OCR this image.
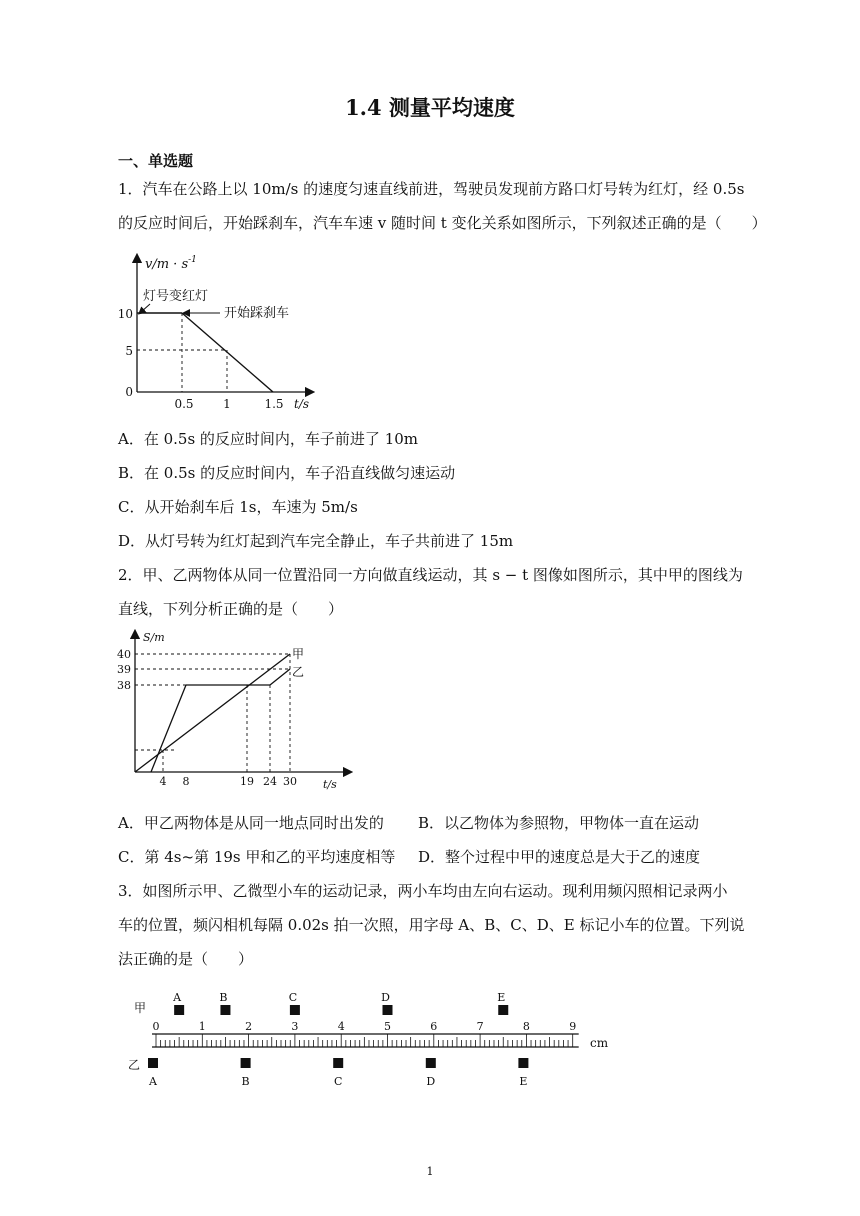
1.4 测量平均速度
一、单选题
1．汽车在公路上以 10m/s 的速度匀速直线前进，驾驶员发现前方路口灯号转为红灯，经 0.5s
的反应时间后，开始踩刹车，汽车车速 v 随时间 t 变化关系如图所示，下列叙述正确的是（　　）
$v/m \cdot s^{-1}$
灯号变红灯
开始踩刹车
10
5
0
0.5 1	1.5 t/s
A．在 0.5s 的反应时间内，车子前进了 10m
B．在 0.5s 的反应时间内，车子沿直线做匀速运动
C．从开始刹车后 1s，车速为 5m/s
D．从灯号转为红灯起到汽车完全静止，车子共前进了 15m
2．甲、乙两物体从同一位置沿同一方向做直线运动，其 s − t 图像如图所示，其中甲的图线为
直线，下列分析正确的是（　　）
S/m
t/s
甲
乙
40
39
38
4 8	19 24 30
A．甲乙两物体是从同一地点同时出发的 B．以乙物体为参照物，甲物体一直在运动
C．第 4s~第 19s 甲和乙的平均速度相等 D．整个过程中甲的速度总是大于乙的速度
3．如图所示甲、乙微型小车的运动记录，两小车均由左向右运动。现利用频闪照相记录两小
车的位置，频闪相机每隔 0.02s 拍一次照，用字母 A、B、C、D、E 标记小车的位置。下列说
法正确的是（　　）
0	1	2	3	4	5	6	7	8	9
A	B	C	D	E
A	B	C	D	E
甲
乙
cm
1
